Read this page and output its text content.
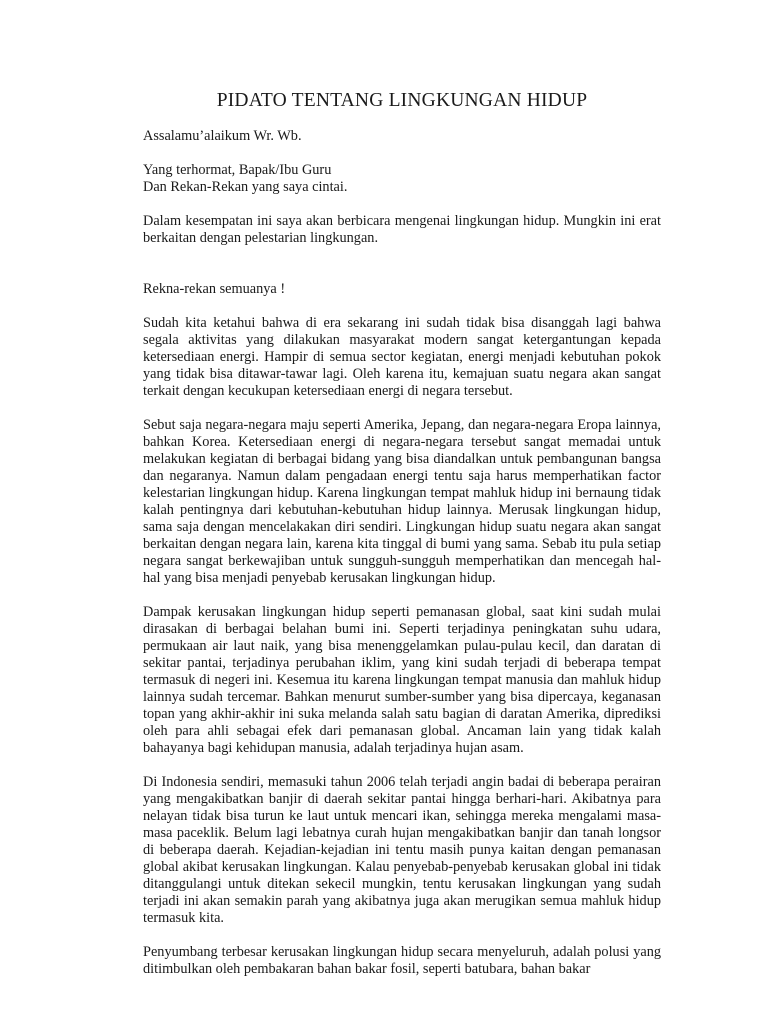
PIDATO TENTANG LINGKUNGAN HIDUP

Assalamu’alaikum Wr. Wb.

Yang terhormat, Bapak/Ibu Guru

Dan Rekan-Rekan yang saya cintai.

Dalam kesempatan ini saya akan berbicara mengenai lingkungan hidup. Mungkin ini erat berkaitan dengan pelestarian lingkungan.

Rekna-rekan semuanya !

Sudah kita ketahui bahwa di era sekarang ini sudah tidak bisa disanggah lagi bahwa segala aktivitas yang dilakukan masyarakat modern sangat ketergantungan kepada ketersediaan energi. Hampir di semua sector kegiatan, energi menjadi kebutuhan pokok yang tidak bisa ditawar-tawar lagi. Oleh karena itu, kemajuan suatu negara akan sangat terkait dengan kecukupan ketersediaan energi di negara tersebut.

Sebut saja negara-negara maju seperti Amerika, Jepang, dan negara-negara Eropa lainnya, bahkan Korea. Ketersediaan energi di negara-negara tersebut sangat memadai untuk melakukan kegiatan di berbagai bidang yang bisa diandalkan untuk pembangunan bangsa dan negaranya. Namun dalam pengadaan energi tentu saja harus memperhatikan factor kelestarian lingkungan hidup. Karena lingkungan tempat mahluk hidup ini bernaung tidak kalah pentingnya dari kebutuhan-kebutuhan hidup lainnya. Merusak lingkungan hidup, sama saja dengan mencelakakan diri sendiri. Lingkungan hidup suatu negara akan sangat berkaitan dengan negara lain, karena kita tinggal di bumi yang sama. Sebab itu pula setiap negara sangat berkewajiban untuk sungguh-sungguh memperhatikan dan mencegah hal-hal yang bisa menjadi penyebab kerusakan lingkungan hidup.

Dampak kerusakan lingkungan hidup seperti pemanasan global, saat kini sudah mulai dirasakan di berbagai belahan bumi ini. Seperti terjadinya peningkatan suhu udara, permukaan air laut naik, yang bisa menenggelamkan pulau-pulau kecil, dan daratan di sekitar pantai, terjadinya perubahan iklim, yang kini sudah terjadi di beberapa tempat termasuk di negeri ini. Kesemua itu karena lingkungan tempat manusia dan mahluk hidup lainnya sudah tercemar. Bahkan menurut sumber-sumber yang bisa dipercaya, keganasan topan yang akhir-akhir ini suka melanda salah satu bagian di daratan Amerika, diprediksi oleh para ahli sebagai efek dari pemanasan global. Ancaman lain yang tidak kalah bahayanya bagi kehidupan manusia, adalah terjadinya hujan asam.

Di Indonesia sendiri, memasuki tahun 2006 telah terjadi angin badai di beberapa perairan yang mengakibatkan banjir di daerah sekitar pantai hingga berhari-hari. Akibatnya para nelayan tidak bisa turun ke laut untuk mencari ikan, sehingga mereka mengalami masa-masa paceklik. Belum lagi lebatnya curah hujan mengakibatkan banjir dan tanah longsor di beberapa daerah. Kejadian-kejadian ini tentu masih punya kaitan dengan pemanasan global akibat kerusakan lingkungan. Kalau penyebab-penyebab kerusakan global ini tidak ditanggulangi untuk ditekan sekecil mungkin, tentu kerusakan lingkungan yang sudah terjadi ini akan semakin parah yang akibatnya juga akan merugikan semua mahluk hidup termasuk kita.

Penyumbang terbesar kerusakan lingkungan hidup secara menyeluruh, adalah polusi yang ditimbulkan oleh pembakaran bahan bakar fosil, seperti batubara, bahan bakar
